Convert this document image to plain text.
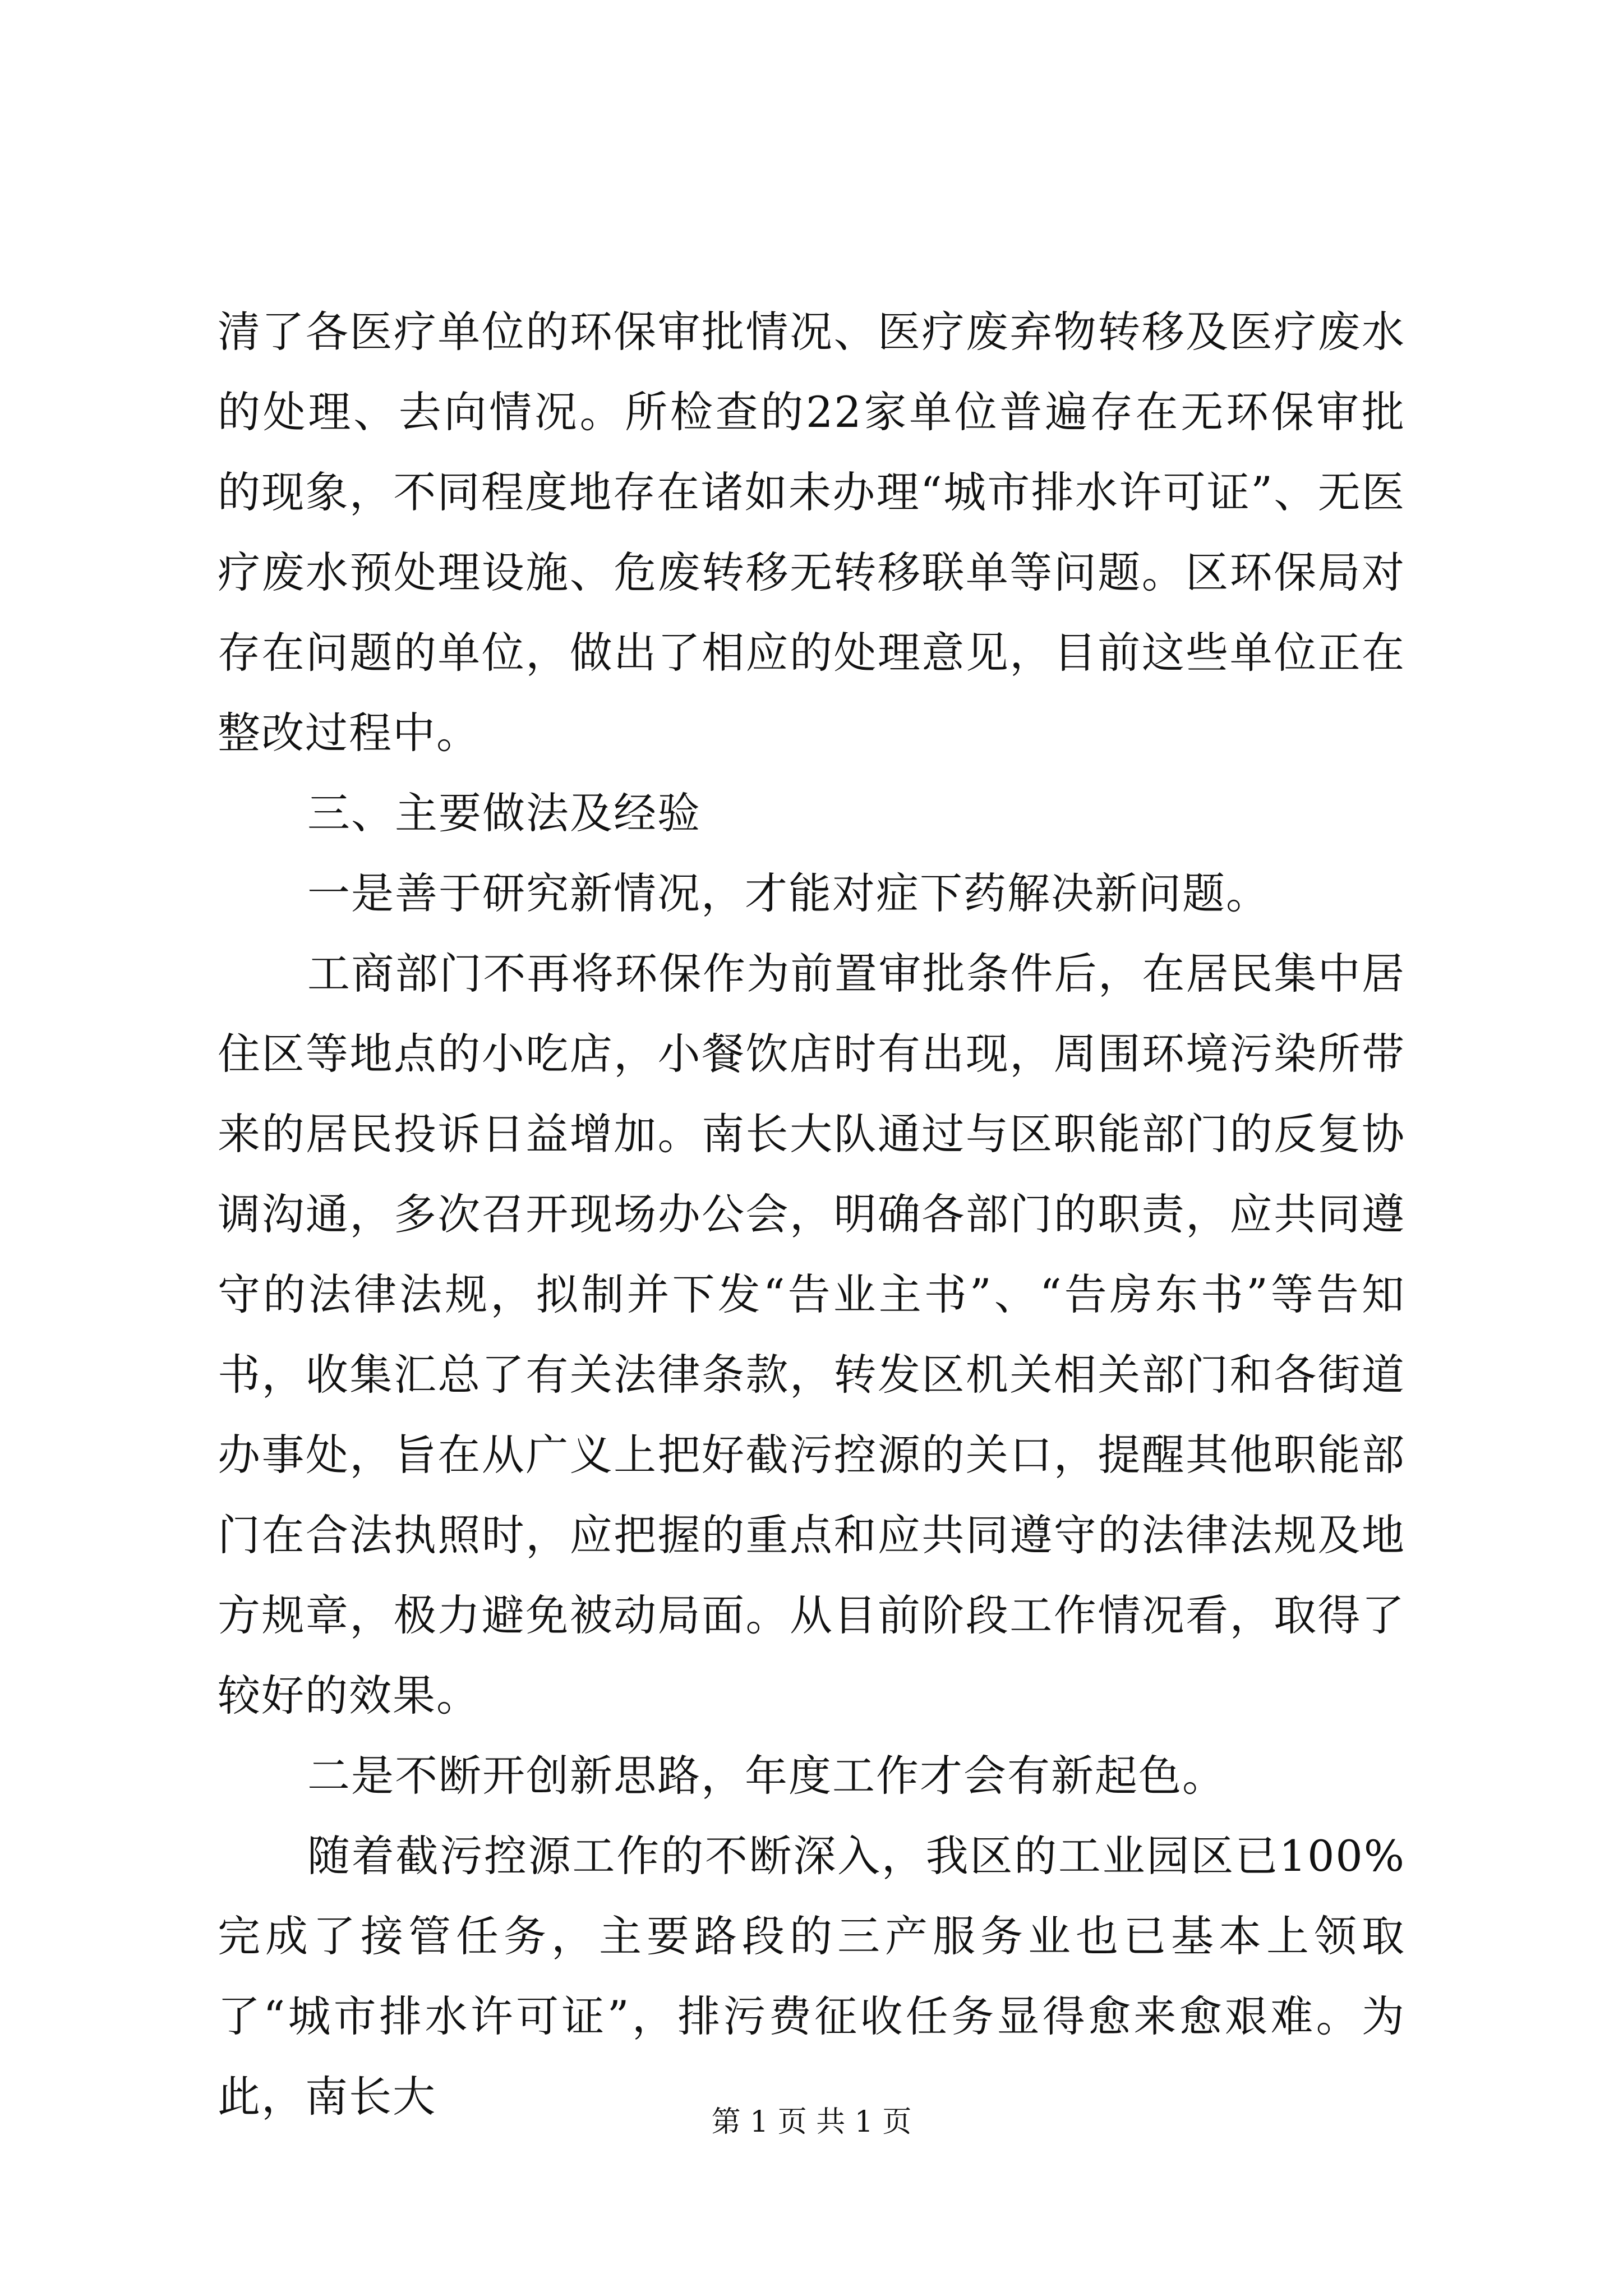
清了各医疗单位的环保审批情况、医疗废弃物转移及医疗废水的处理、去向情况。所检查的22家单位普遍存在无环保审批的现象，不同程度地存在诸如未办理“城市排水许可证”、无医疗废水预处理设施、危废转移无转移联单等问题。区环保局对存在问题的单位，做出了相应的处理意见，目前这些单位正在整改过程中。

三、主要做法及经验

一是善于研究新情况，才能对症下药解决新问题。

工商部门不再将环保作为前置审批条件后，在居民集中居住区等地点的小吃店，小餐饮店时有出现，周围环境污染所带来的居民投诉日益增加。南长大队通过与区职能部门的反复协调沟通，多次召开现场办公会，明确各部门的职责，应共同遵守的法律法规，拟制并下发“告业主书”、“告房东书”等告知书，收集汇总了有关法律条款，转发区机关相关部门和各街道办事处，旨在从广义上把好截污控源的关口，提醒其他职能部门在合法执照时，应把握的重点和应共同遵守的法律法规及地方规章，极力避免被动局面。从目前阶段工作情况看，取得了较好的效果。

二是不断开创新思路，年度工作才会有新起色。

随着截污控源工作的不断深入，我区的工业园区已100%完成了接管任务，主要路段的三产服务业也已基本上领取了“城市排水许可证”，排污费征收任务显得愈来愈艰难。为此，南长大

第 1 页 共 1 页
